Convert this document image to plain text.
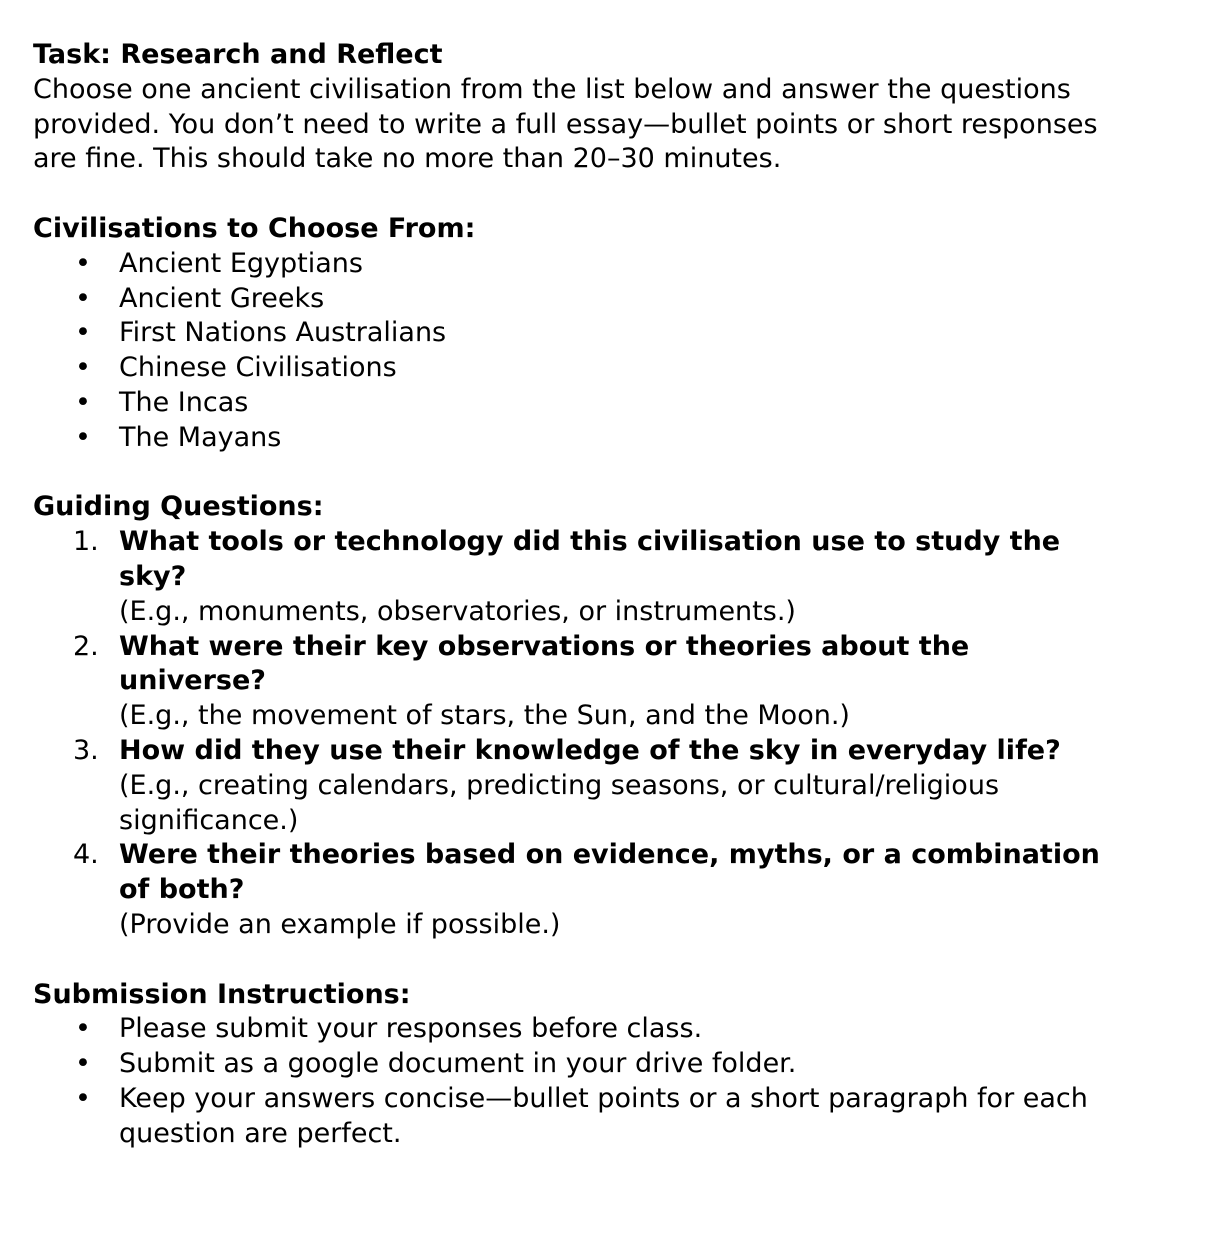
Task: Research and Reflect

Choose one ancient civilisation from the list below and answer the questions provided. You don’t need to write a full essay—bullet points or short responses are fine. This should take no more than 20–30 minutes.

Civilisations to Choose From:
• Ancient Egyptians
• Ancient Greeks
• First Nations Australians
• Chinese Civilisations
• The Incas
• The Mayans
Guiding Questions:
1. What tools or technology did this civilisation use to study the sky?
(E.g., monuments, observatories, or instruments.)
2. What were their key observations or theories about the universe?
(E.g., the movement of stars, the Sun, and the Moon.)
3. How did they use their knowledge of the sky in everyday life?
(E.g., creating calendars, predicting seasons, or cultural/religious significance.)
4. Were their theories based on evidence, myths, or a combination of both?
(Provide an example if possible.)
Submission Instructions:
• Please submit your responses before class.
• Submit as a google document in your drive folder.
• Keep your answers concise—bullet points or a short paragraph for each question are perfect.
